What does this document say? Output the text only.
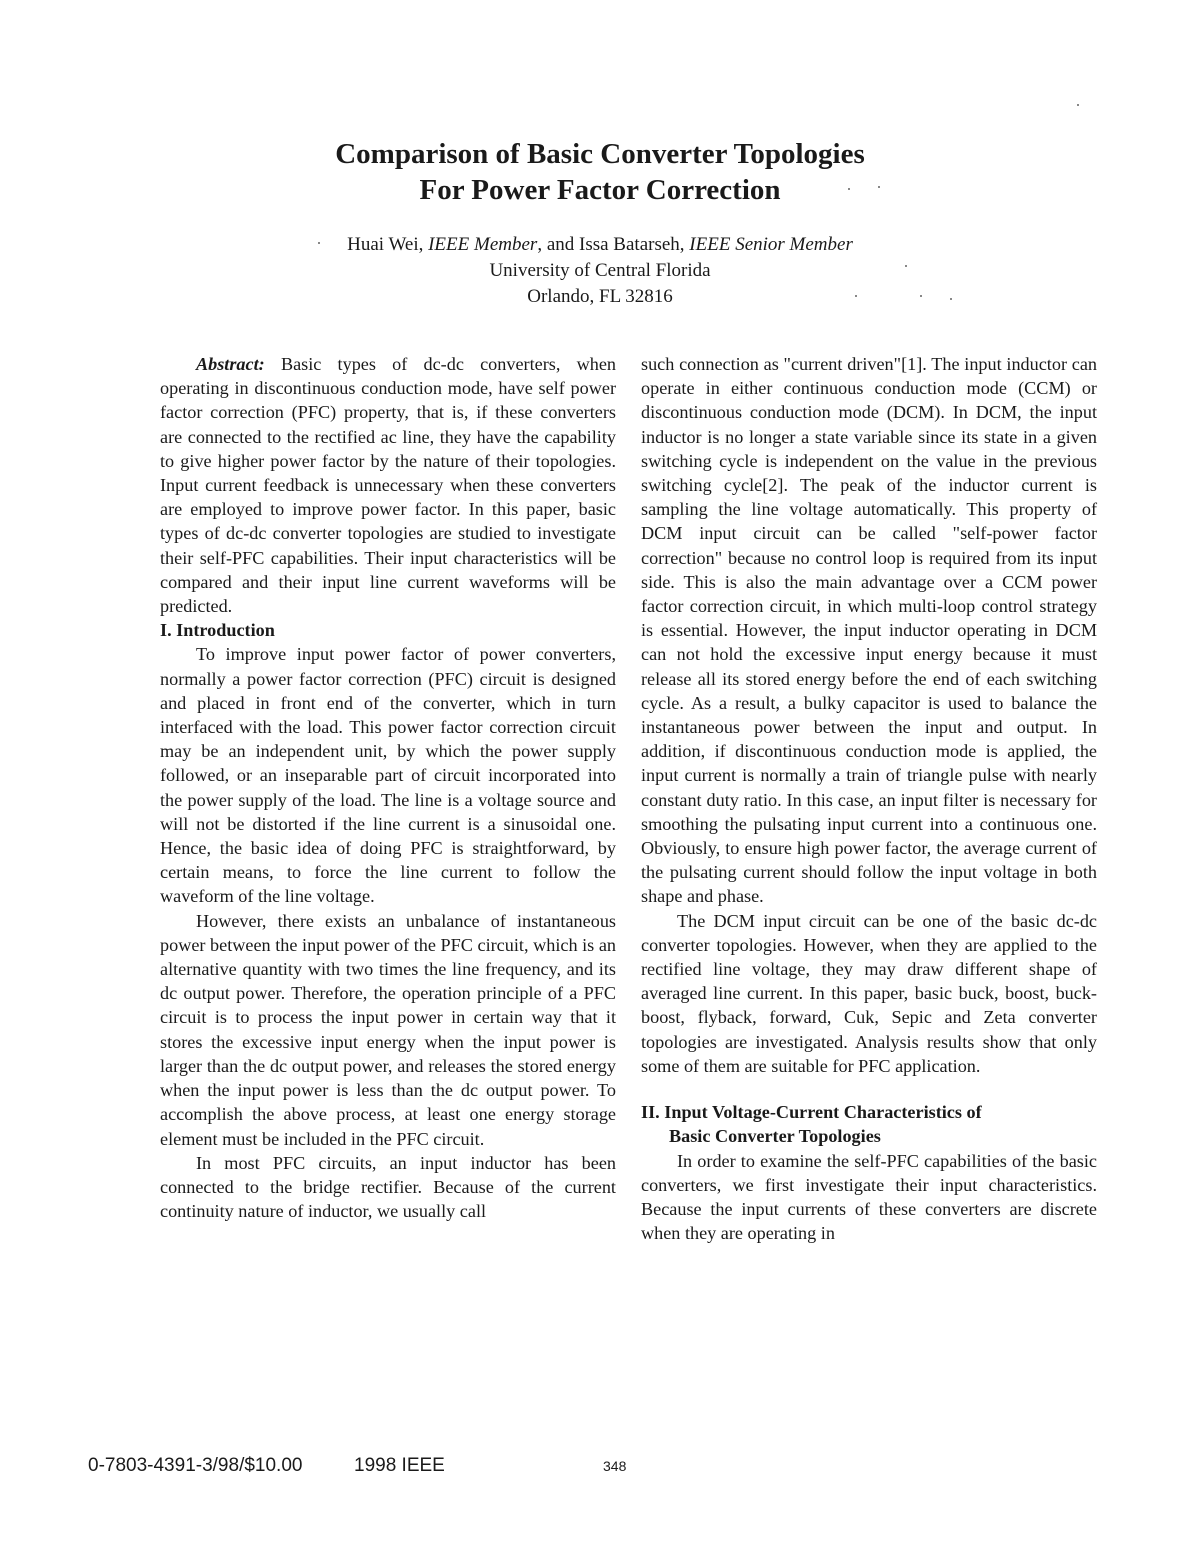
Comparison of Basic Converter Topologies
For Power Factor Correction
Huai Wei, IEEE Member, and Issa Batarseh, IEEE Senior Member
University of Central Florida
Orlando, FL 32816

Abstract: Basic types of dc-dc converters, when operating in discontinuous conduction mode, have self power factor correction (PFC) property, that is, if these converters are connected to the rectified ac line, they have the capability to give higher power factor by the nature of their topologies. Input current feedback is unnecessary when these converters are employed to improve power factor. In this paper, basic types of dc-dc converter topologies are studied to investigate their self-PFC capabilities. Their input characteristics will be compared and their input line current waveforms will be predicted.

I. Introduction

To improve input power factor of power converters, normally a power factor correction (PFC) circuit is designed and placed in front end of the converter, which in turn interfaced with the load. This power factor correction circuit may be an independent unit, by which the power supply followed, or an inseparable part of circuit incorporated into the power supply of the load. The line is a voltage source and will not be distorted if the line current is a sinusoidal one. Hence, the basic idea of doing PFC is straightforward, by certain means, to force the line current to follow the waveform of the line voltage.

However, there exists an unbalance of instantaneous power between the input power of the PFC circuit, which is an alternative quantity with two times the line frequency, and its dc output power. Therefore, the operation principle of a PFC circuit is to process the input power in certain way that it stores the excessive input energy when the input power is larger than the dc output power, and releases the stored energy when the input power is less than the dc output power. To accomplish the above process, at least one energy storage element must be included in the PFC circuit.

In most PFC circuits, an input inductor has been connected to the bridge rectifier. Because of the current continuity nature of inductor, we usually call

such connection as "current driven"[1]. The input inductor can operate in either continuous conduction mode (CCM) or discontinuous conduction mode (DCM). In DCM, the input inductor is no longer a state variable since its state in a given switching cycle is independent on the value in the previous switching cycle[2]. The peak of the inductor current is sampling the line voltage automatically. This property of DCM input circuit can be called "self-power factor correction" because no control loop is required from its input side. This is also the main advantage over a CCM power factor correction circuit, in which multi-loop control strategy is essential. However, the input inductor operating in DCM can not hold the excessive input energy because it must release all its stored energy before the end of each switching cycle. As a result, a bulky capacitor is used to balance the instantaneous power between the input and output. In addition, if discontinuous conduction mode is applied, the input current is normally a train of triangle pulse with nearly constant duty ratio. In this case, an input filter is necessary for smoothing the pulsating input current into a continuous one. Obviously, to ensure high power factor, the average current of the pulsating current should follow the input voltage in both shape and phase.

The DCM input circuit can be one of the basic dc-dc converter topologies. However, when they are applied to the rectified line voltage, they may draw different shape of averaged line current. In this paper, basic buck, boost, buck-boost, flyback, forward, Cuk, Sepic and Zeta converter topologies are investigated. Analysis results show that only some of them are suitable for PFC application.

II. Input Voltage-Current Characteristics of
Basic Converter Topologies

In order to examine the self-PFC capabilities of the basic converters, we first investigate their input characteristics. Because the input currents of these converters are discrete when they are operating in

0-7803-4391-3/98/$10.00	1998 IEEE	348
